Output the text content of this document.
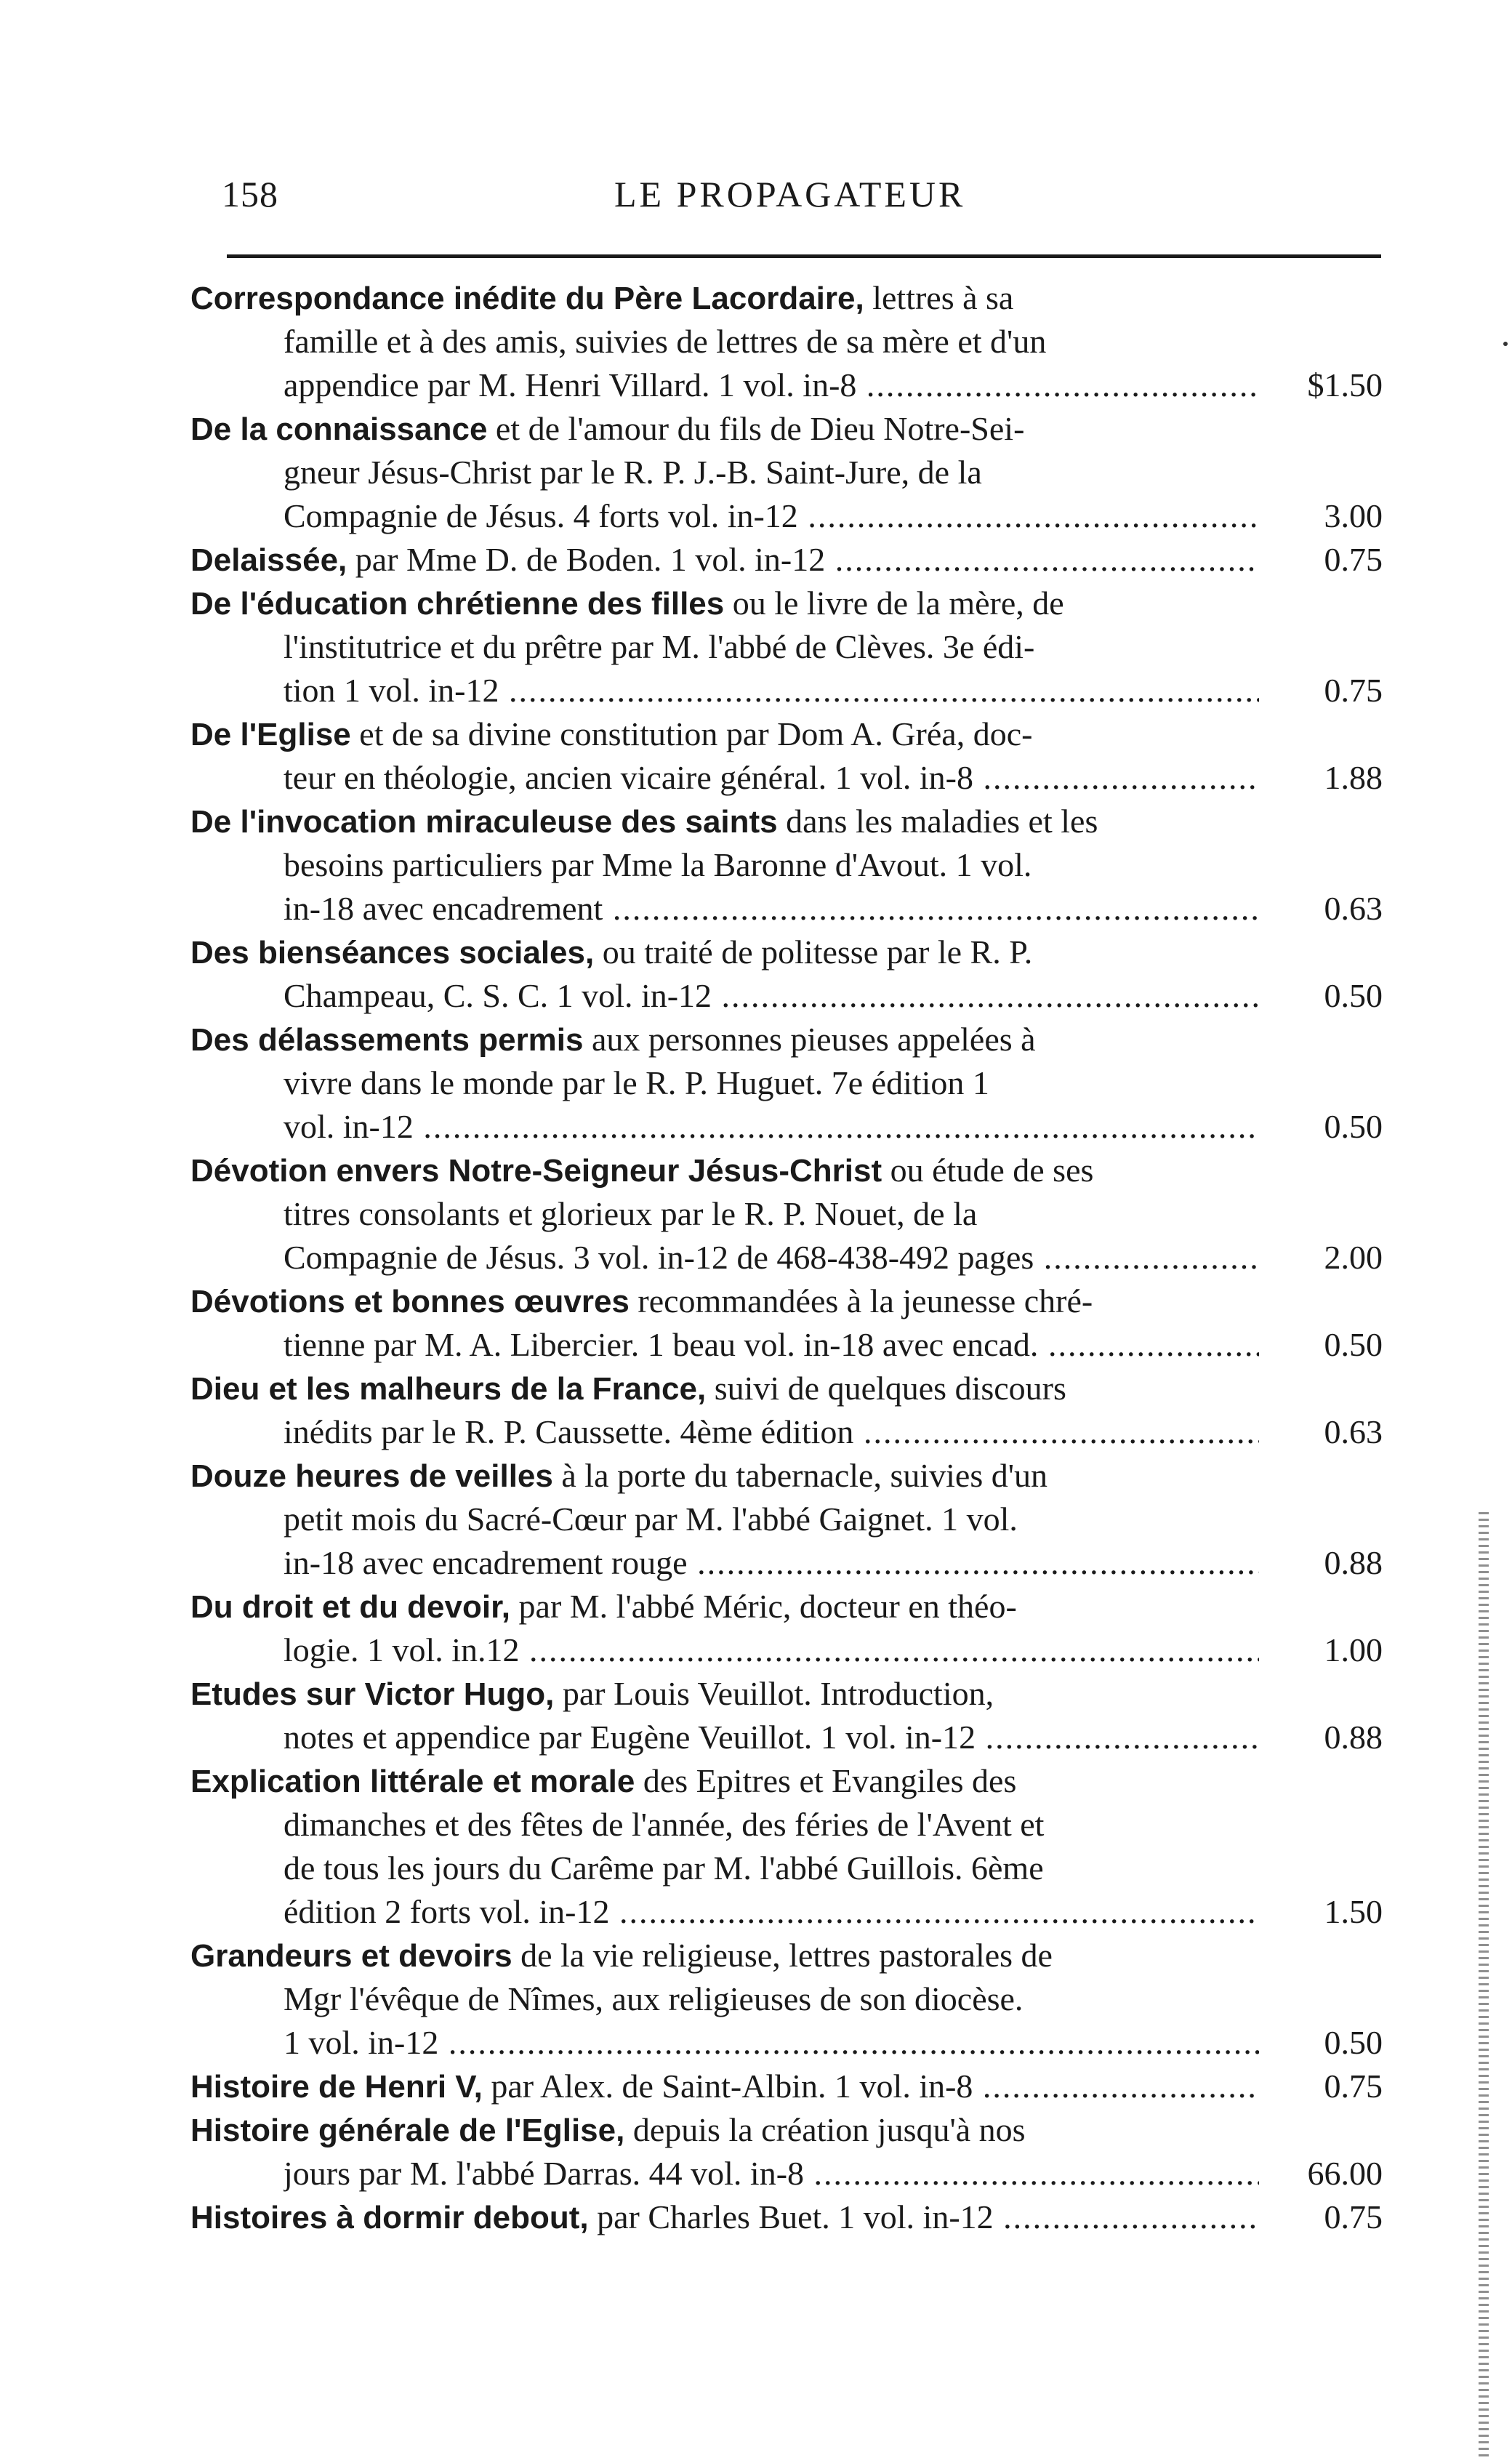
158	LE PROPAGATEUR
Correspondance inédite du Père Lacordaire, lettres à sa
famille et à des amis, suivies de lettres de sa mère et d'un
appendice par M. Henri Villard. 1 vol. in-8 .....	$1.50
De la connaissance et de l'amour du fils de Dieu Notre-Sei-
gneur Jésus-Christ par le R. P. J.-B. Saint-Jure, de la
Compagnie de Jésus. 4 forts vol. in-12 .....	3.00
Delaissée, par Mme D. de Boden. 1 vol. in-12 .....	0.75
De l'éducation chrétienne des filles ou le livre de la mère, de
l'institutrice et du prêtre par M. l'abbé de Clèves. 3e édi-
tion 1 vol. in-12 .....	0.75
De l'Eglise et de sa divine constitution par Dom A. Gréa, doc-
teur en théologie, ancien vicaire général. 1 vol. in-8 .....	1.88
De l'invocation miraculeuse des saints dans les maladies et les
besoins particuliers par Mme la Baronne d'Avout. 1 vol.
in-18 avec encadrement .....	0.63
Des bienséances sociales, ou traité de politesse par le R. P.
Champeau, C. S. C. 1 vol. in-12 .....	0.50
Des délassements permis aux personnes pieuses appelées à
vivre dans le monde par le R. P. Huguet. 7e édition 1
vol. in-12 .....	0.50
Dévotion envers Notre-Seigneur Jésus-Christ ou étude de ses
titres consolants et glorieux par le R. P. Nouet, de la
Compagnie de Jésus. 3 vol. in-12 de 468-438-492 pages .....	2.00
Dévotions et bonnes œuvres recommandées à la jeunesse chré-
tienne par M. A. Libercier. 1 beau vol. in-18 avec encad. .....	0.50
Dieu et les malheurs de la France, suivi de quelques discours
inédits par le R. P. Caussette. 4ème édition .....	0.63
Douze heures de veilles à la porte du tabernacle, suivies d'un
petit mois du Sacré-Cœur par M. l'abbé Gaignet. 1 vol.
in-18 avec encadrement rouge .....	0.88
Du droit et du devoir, par M. l'abbé Méric, docteur en théo-
logie. 1 vol. in.12 .....	1.00
Etudes sur Victor Hugo, par Louis Veuillot. Introduction,
notes et appendice par Eugène Veuillot. 1 vol. in-12 .....	0.88
Explication littérale et morale des Epitres et Evangiles des
dimanches et des fêtes de l'année, des féries de l'Avent et
de tous les jours du Carême par M. l'abbé Guillois. 6ème
édition 2 forts vol. in-12 .....	1.50
Grandeurs et devoirs de la vie religieuse, lettres pastorales de
Mgr l'évêque de Nîmes, aux religieuses de son diocèse.
1 vol. in-12 .....	0.50
Histoire de Henri V, par Alex. de Saint-Albin. 1 vol. in-8 .....	0.75
Histoire générale de l'Eglise, depuis la création jusqu'à nos
jours par M. l'abbé Darras. 44 vol. in-8 .....	66.00
Histoires à dormir debout, par Charles Buet. 1 vol. in-12 .....	0.75
